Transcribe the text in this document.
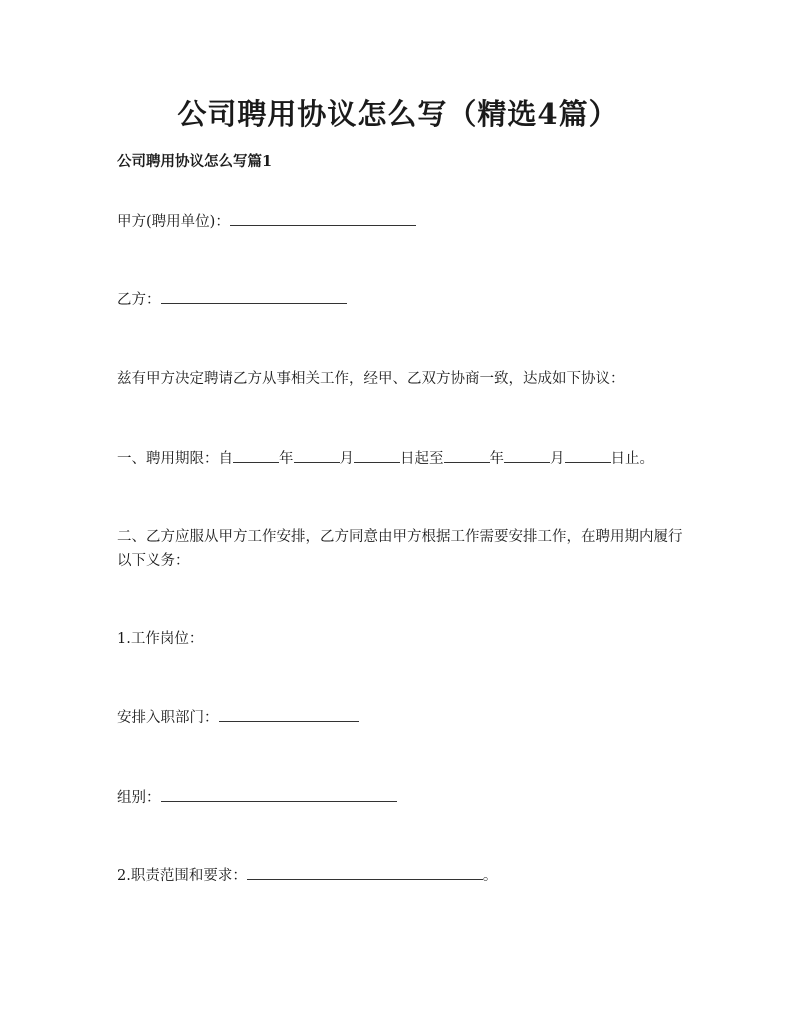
公司聘用协议怎么写（精选4篇）

公司聘用协议怎么写篇1

甲方(聘用单位)：

乙方：

兹有甲方决定聘请乙方从事相关工作，经甲、乙双方协商一致，达成如下协议：

一、聘用期限：自	年	月	日起至	年	月	日止。

二、乙方应服从甲方工作安排，乙方同意由甲方根据工作需要安排工作，在聘用期内履行以下义务：

1.工作岗位：

安排入职部门：

组别：

2.职责范围和要求：	。
